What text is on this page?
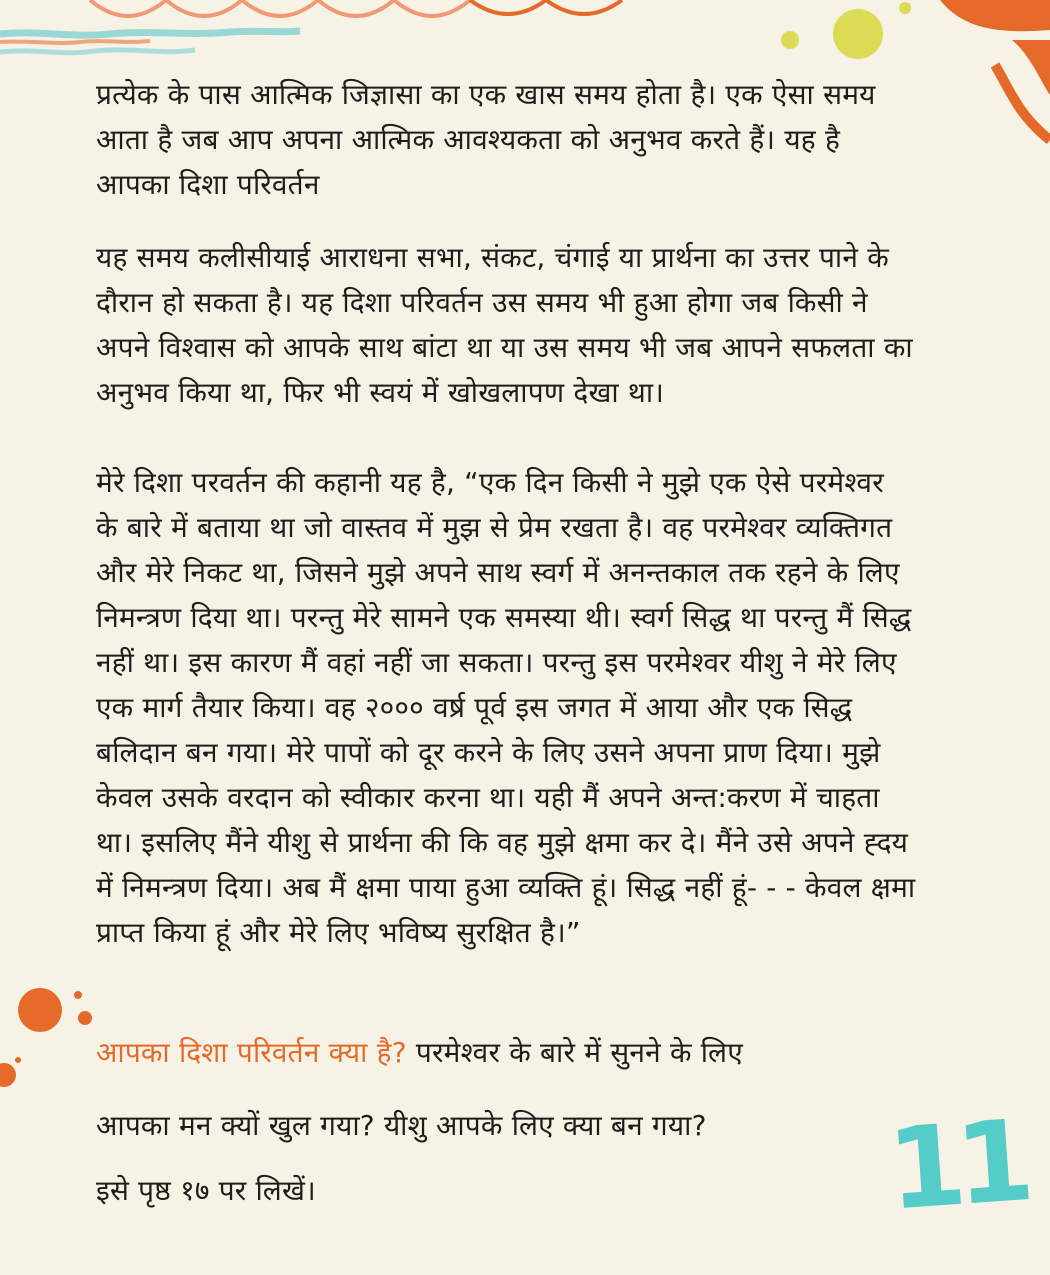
प्रत्येक के पास आत्मिक जिज्ञासा का एक खास समय होता है। एक ऐसा समय
आता है जब आप अपना आत्मिक आवश्यकता को अनुभव करते हैं। यह है
आपका दिशा परिवर्तन

यह समय कलीसीयाई आराधना सभा, संकट, चंगाई या प्रार्थना का उत्तर पाने के
दौरान हो सकता है। यह दिशा परिवर्तन उस समय भी हुआ होगा जब किसी ने
अपने विश्वास को आपके साथ बांटा था या उस समय भी जब आपने सफलता का
अनुभव किया था, फिर भी स्वयं में खोखलापण देखा था।

मेरे दिशा परवर्तन की कहानी यह है, “एक दिन किसी ने मुझे एक ऐसे परमेश्वर
के बारे में बताया था जो वास्तव में मुझ से प्रेम रखता है। वह परमेश्वर व्यक्तिगत
और मेरे निकट था, जिसने मुझे अपने साथ स्वर्ग में अनन्तकाल तक रहने के लिए
निमन्त्रण दिया था। परन्तु मेरे सामने एक समस्या थी। स्वर्ग सिद्ध था परन्तु मैं सिद्ध
नहीं था। इस कारण मैं वहां नहीं जा सकता। परन्तु इस परमेश्वर यीशु ने मेरे लिए
एक मार्ग तैयार किया। वह २००० वर्ष्र पूर्व इस जगत में आया और एक सिद्ध
बलिदान बन गया। मेरे पापों को दूर करने के लिए उसने अपना प्राण दिया। मुझे
केवल उसके वरदान को स्वीकार करना था। यही मैं अपने अन्त:करण में चाहता
था। इसलिए मैंने यीशु से प्रार्थना की कि वह मुझे क्षमा कर दे। मैंने उसे अपने ह्दय
में निमन्त्रण दिया। अब मैं क्षमा पाया हुआ व्यक्ति हूं। सिद्ध नहीं हूं- - - केवल क्षमा
प्राप्त किया हूं और मेरे लिए भविष्य सुरक्षित है।”

आपका दिशा परिवर्तन क्या है? परमेश्वर के बारे में सुनने के लिए

आपका मन क्यों खुल गया? यीशु आपके लिए क्या बन गया?

इसे पृष्ठ १७ पर लिखें।	11
